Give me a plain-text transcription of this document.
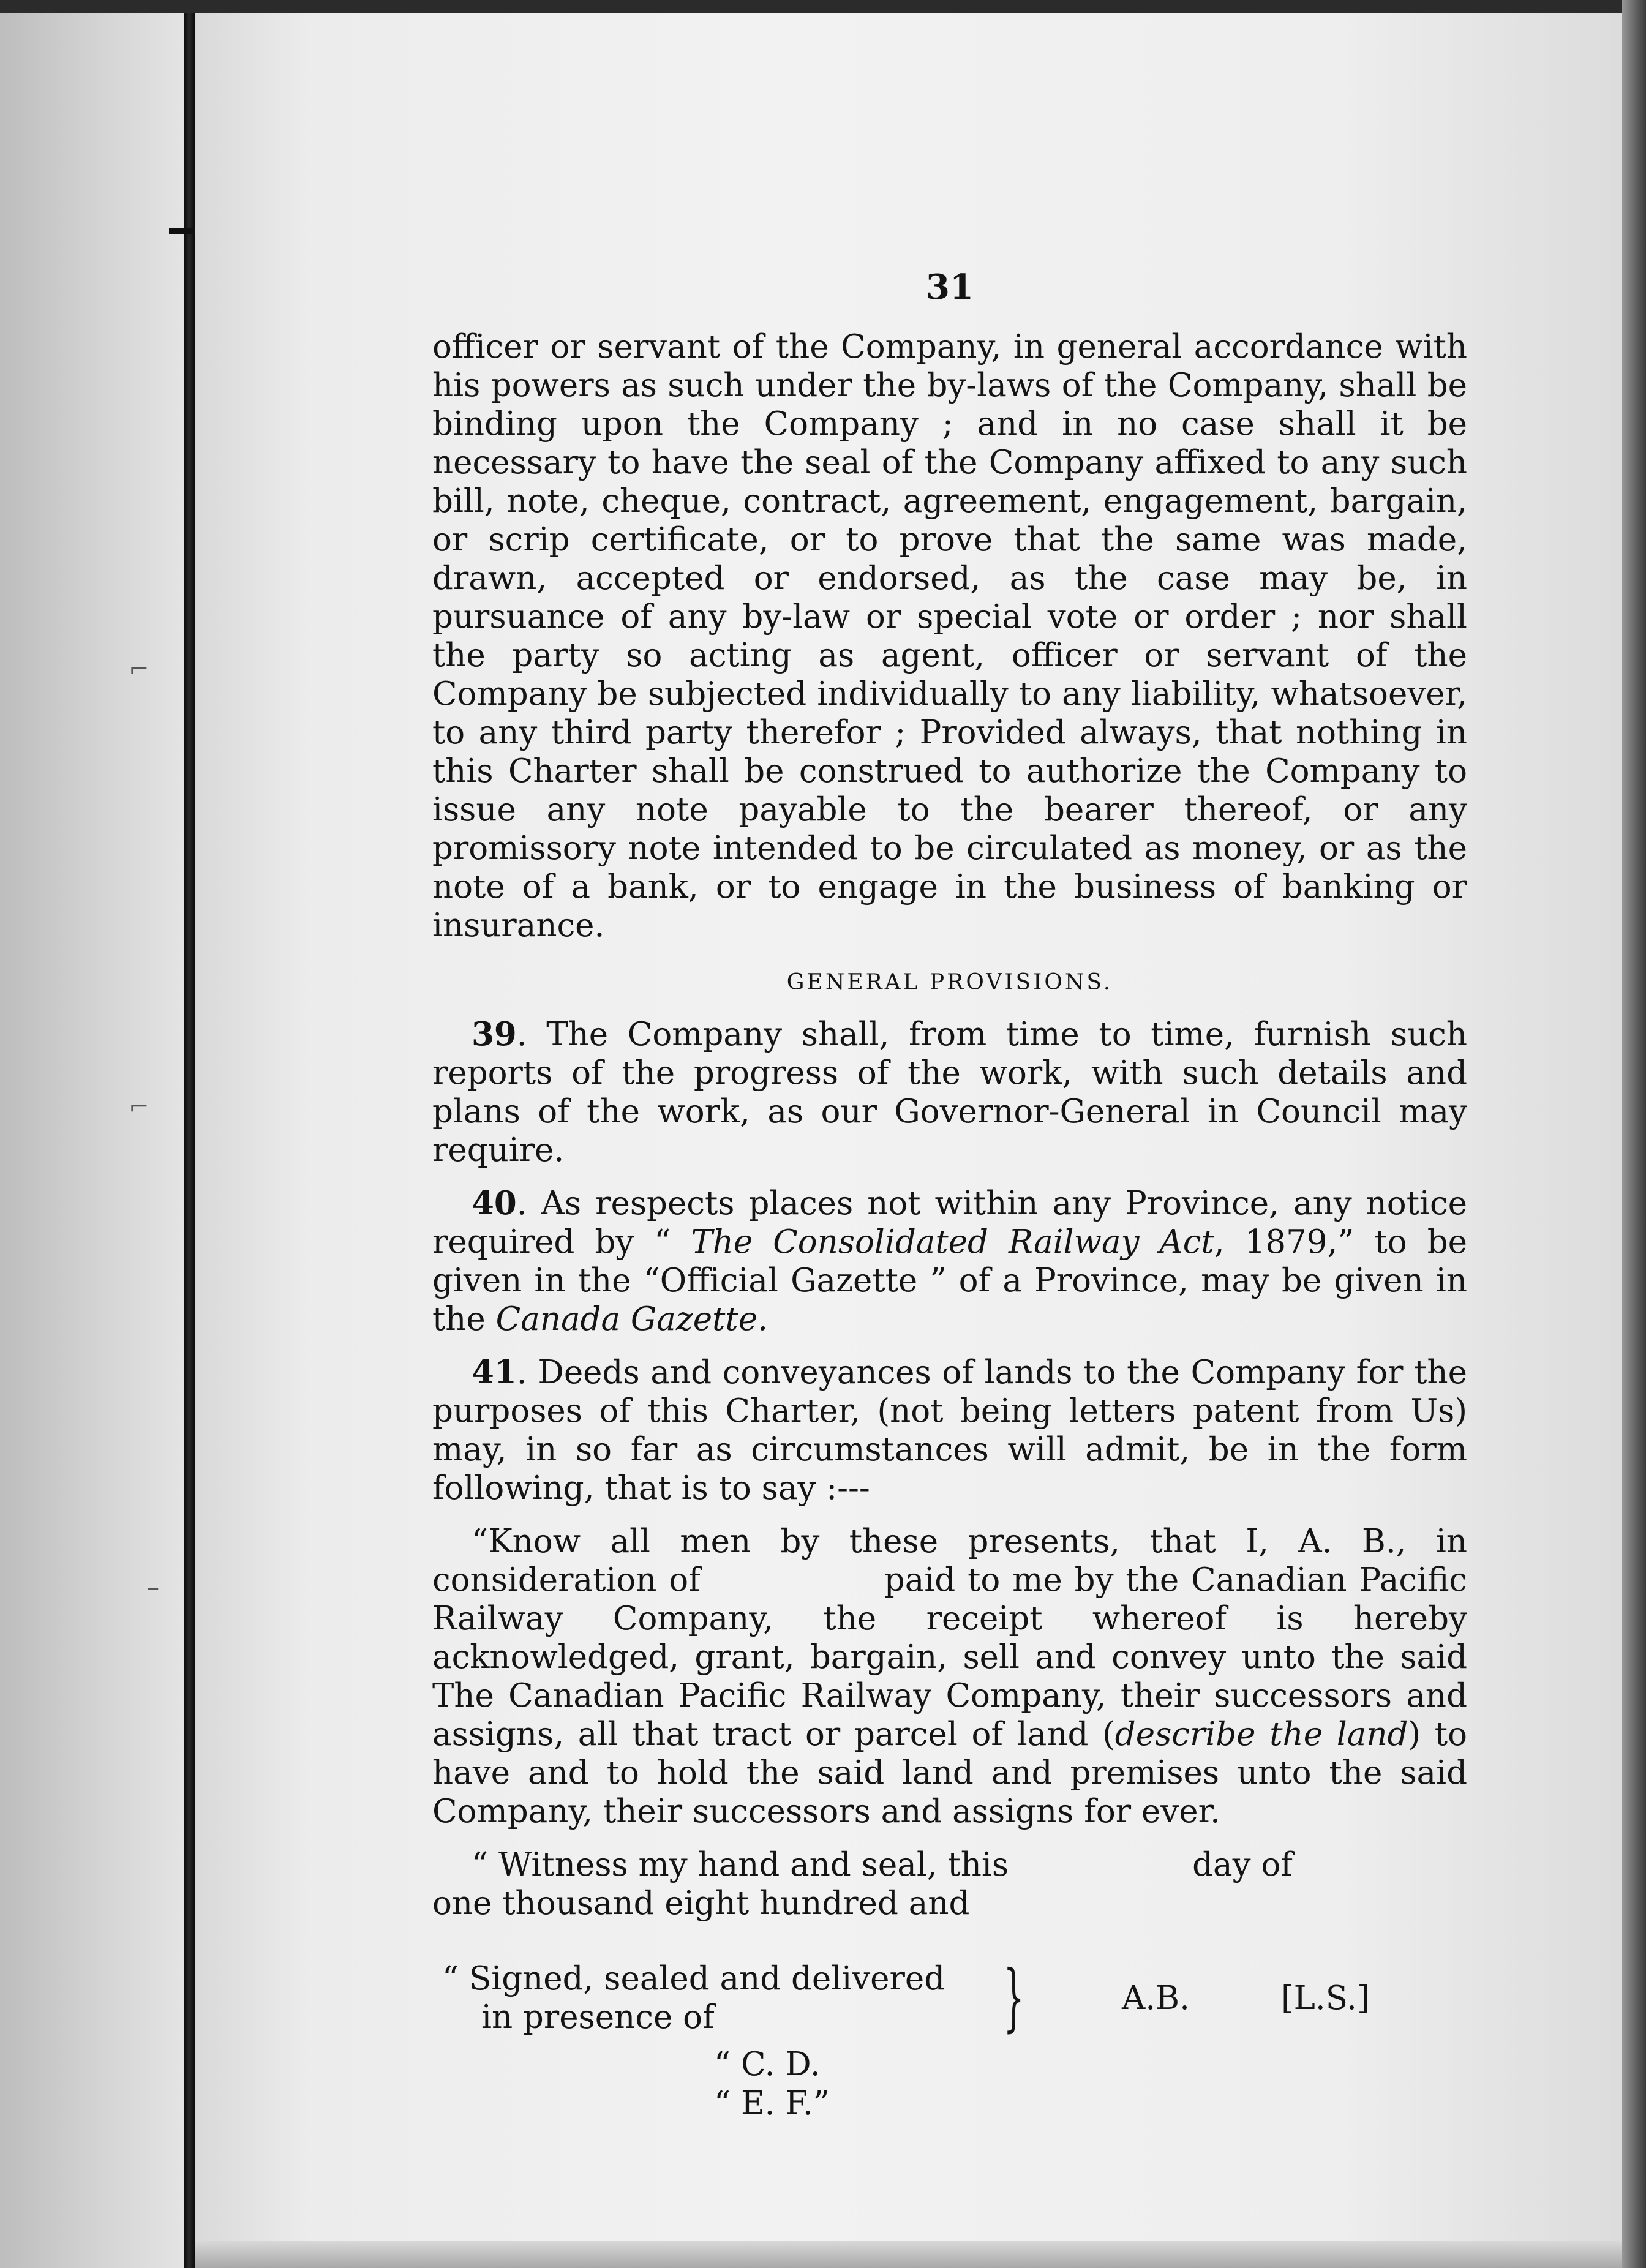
⌐
⌐
–
31

officer or servant of the Company, in general accordance with his powers as such under the by-laws of the Company, shall be binding upon the Company ; and in no case shall it be necessary to have the seal of the Company affixed to any such bill, note, cheque, contract, agreement, engagement, bargain, or scrip certificate, or to prove that the same was made, drawn, accepted or endorsed, as the case may be, in pursuance of any by-law or special vote or order ; nor shall the party so acting as agent, officer or servant of the Company be subjected individually to any liability, whatsoever, to any third party therefor ; Provided always, that nothing in this Charter shall be construed to authorize the Company to issue any note payable to the bearer thereof, or any promissory note intended to be circulated as money, or as the note of a bank, or to engage in the business of banking or insurance.

GENERAL PROVISIONS.

39. The Company shall, from time to time, furnish such reports of the progress of the work, with such details and plans of the work, as our Governor-General in Council may require.

40. As respects places not within any Province, any notice required by “ The Consolidated Railway Act, 1879,” to be given in the “Official Gazette ” of a Province, may be given in the Canada Gazette.

41. Deeds and conveyances of lands to the Company for the purposes of this Charter, (not being letters patent from Us) may, in so far as circumstances will admit, be in the form following, that is to say :---

“Know all men by these presents, that I, A. B., in consideration of	paid to me by the Canadian Pacific Railway Company, the receipt whereof is hereby acknowledged, grant, bargain, sell and convey unto the said The Canadian Pacific Railway Company, their successors and assigns, all that tract or parcel of land (describe the land) to have and to hold the said land and premises unto the said Company, their successors and assigns for ever.

“ Witness my hand and seal, this	day of
one thousand eight hundred and

“ Signed, sealed and delivered
in presence of	}	A.B.	[L.S.]
“ C. D.
“ E. F.”
